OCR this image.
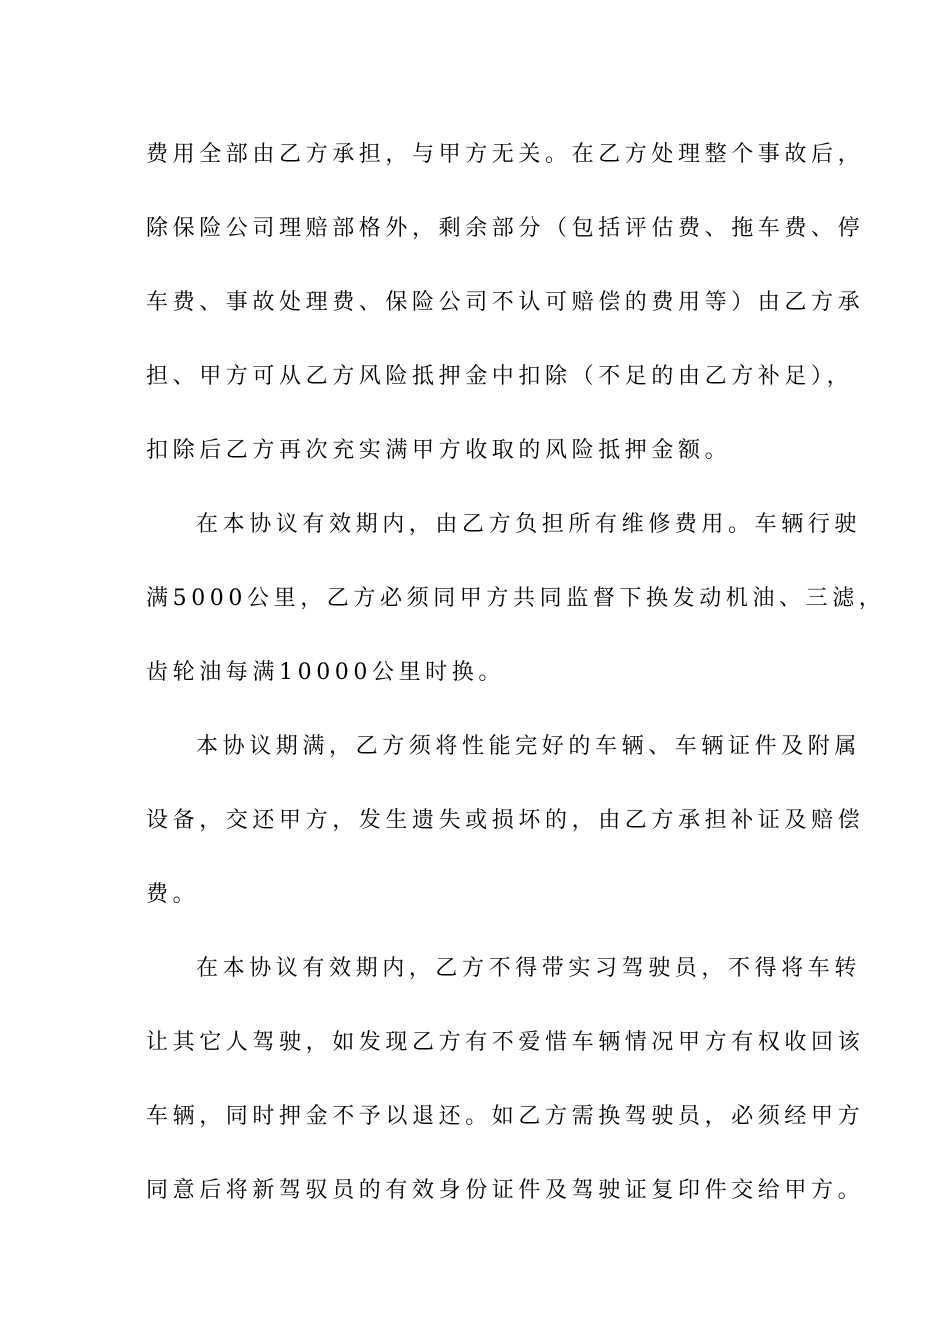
费用全部由乙方承担，与甲方无关。在乙方处理整个事故后，
除保险公司理赔部格外，剩余部分（包括评估费、拖车费、停
车费、事故处理费、保险公司不认可赔偿的费用等）由乙方承
担、甲方可从乙方风险抵押金中扣除（不足的由乙方补足），
扣除后乙方再次充实满甲方收取的风险抵押金额。
在本协议有效期内，由乙方负担所有维修费用。车辆行驶
满5000公里，乙方必须同甲方共同监督下换发动机油、三滤，
齿轮油每满10000公里时换。
本协议期满，乙方须将性能完好的车辆、车辆证件及附属
设备，交还甲方，发生遗失或损坏的，由乙方承担补证及赔偿
费。
在本协议有效期内，乙方不得带实习驾驶员，不得将车转
让其它人驾驶，如发现乙方有不爱惜车辆情况甲方有权收回该
车辆，同时押金不予以退还。如乙方需换驾驶员，必须经甲方
同意后将新驾驭员的有效身份证件及驾驶证复印件交给甲方。
